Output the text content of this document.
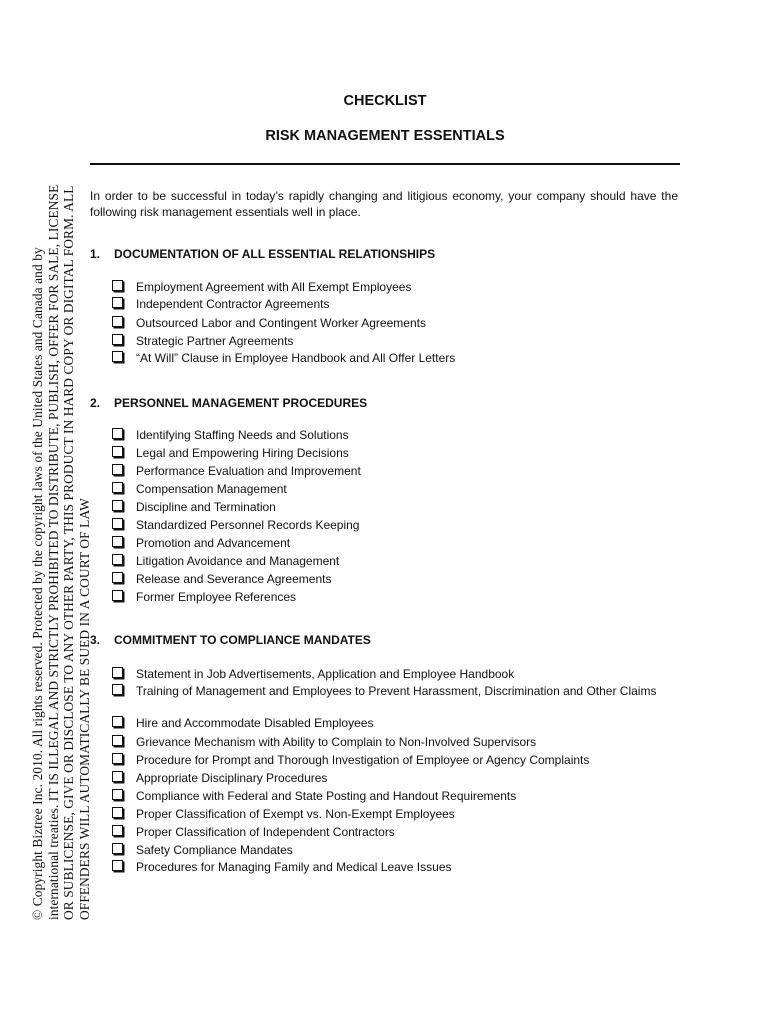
© Copyright Biztree Inc. 2010. All rights reserved. Protected by the copyright laws of the United States and Canada and by international treaties. IT IS ILLEGAL AND STRICTLY PROHIBITED TO DISTRIBUTE, PUBLISH, OFFER FOR SALE, LICENSE OR SUBLICENSE, GIVE OR DISCLOSE TO ANY OTHER PARTY, THIS PRODUCT IN HARD COPY OR DIGITAL FORM. ALL OFFENDERS WILL AUTOMATICALLY BE SUED IN A COURT OF LAW
CHECKLIST
RISK MANAGEMENT ESSENTIALS
In order to be successful in today’s rapidly changing and litigious economy, your company should have the following risk management essentials well in place.
1. DOCUMENTATION OF ALL ESSENTIAL RELATIONSHIPS
Employment Agreement with All Exempt Employees
Independent Contractor Agreements
Outsourced Labor and Contingent Worker Agreements
Strategic Partner Agreements
“At Will” Clause in Employee Handbook and All Offer Letters
2. PERSONNEL MANAGEMENT PROCEDURES
Identifying Staffing Needs and Solutions
Legal and Empowering Hiring Decisions
Performance Evaluation and Improvement
Compensation Management
Discipline and Termination
Standardized Personnel Records Keeping
Promotion and Advancement
Litigation Avoidance and Management
Release and Severance Agreements
Former Employee References
3. COMMITMENT TO COMPLIANCE MANDATES
Statement in Job Advertisements, Application and Employee Handbook
Training of Management and Employees to Prevent Harassment, Discrimination and Other Claims
Hire and Accommodate Disabled Employees
Grievance Mechanism with Ability to Complain to Non-Involved Supervisors
Procedure for Prompt and Thorough Investigation of Employee or Agency Complaints
Appropriate Disciplinary Procedures
Compliance with Federal and State Posting and Handout Requirements
Proper Classification of Exempt vs. Non-Exempt Employees
Proper Classification of Independent Contractors
Safety Compliance Mandates
Procedures for Managing Family and Medical Leave Issues
